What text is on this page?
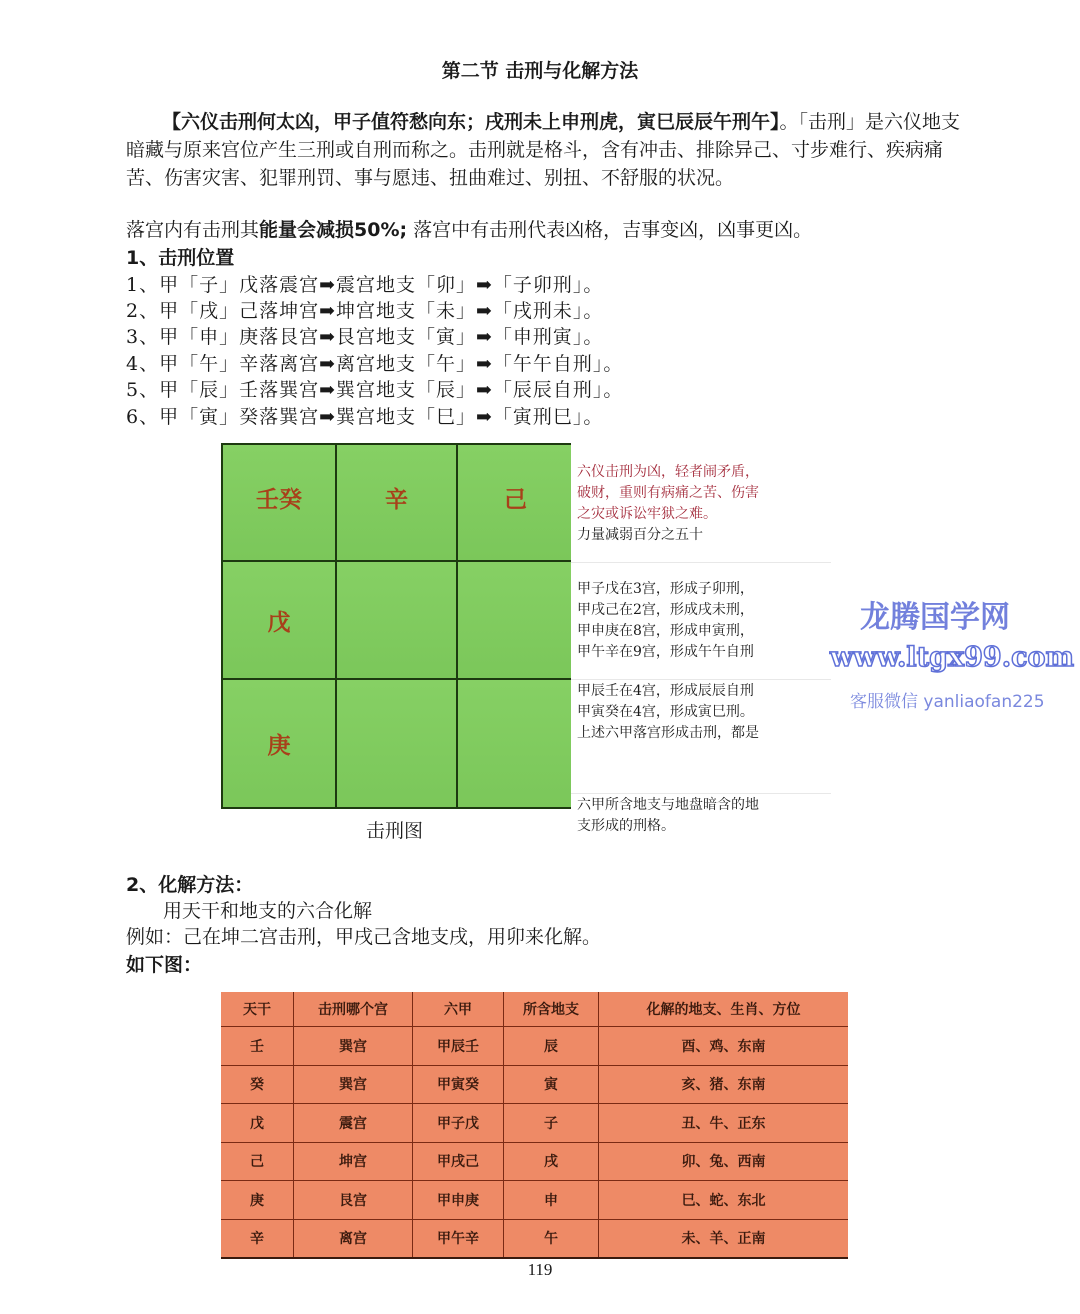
第二节 击刑与化解方法
【六仪击刑何太凶，甲子值符愁向东；戌刑未上申刑虎，寅巳辰辰午刑午】。「击刑」是六仪地支暗藏与原来宫位产生三刑或自刑而称之。击刑就是格斗，含有冲击、排除异己、寸步难行、疾病痛苦、伤害灾害、犯罪刑罚、事与愿违、扭曲难过、别扭、不舒服的状况。
落宫内有击刑其能量会减损50%; 落宫中有击刑代表凶格，吉事变凶，凶事更凶。
1、击刑位置
1、甲「子」戊落震宫➡震宫地支「卯」➡「子卯刑」。
2、甲「戌」己落坤宫➡坤宫地支「未」➡「戌刑未」。
3、甲「申」庚落艮宫➡艮宫地支「寅」➡「申刑寅」。
4、甲「午」辛落离宫➡离宫地支「午」➡「午午自刑」。
5、甲「辰」壬落巽宫➡巽宫地支「辰」➡「辰辰自刑」。
6、甲「寅」癸落巽宫➡巽宫地支「巳」➡「寅刑巳」。
壬癸	辛	己
戊
庚
击刑图
六仪击刑为凶，轻者闹矛盾，
破财，重则有病痛之苦、伤害
之灾或诉讼牢狱之难。
力量减弱百分之五十
甲子戊在3宫，形成子卯刑，
甲戌己在2宫，形成戌未刑，
甲申庚在8宫，形成申寅刑，
甲午辛在9宫，形成午午自刑
甲辰壬在4宫，形成辰辰自刑
甲寅癸在4宫，形成寅巳刑。
上述六甲落宫形成击刑，都是
六甲所含地支与地盘暗含的地
支形成的刑格。
龙腾国学网
www.ltgx99.com
客服微信 yanliaofan225
2、化解方法：
用天干和地支的六合化解
例如：己在坤二宫击刑，甲戌己含地支戌，用卯来化解。
如下图：
天干	击刑哪个宫	六甲	所含地支	化解的地支、生肖、方位
壬	巽宫	甲辰壬	辰	酉、鸡、东南
癸	巽宫	甲寅癸	寅	亥、猪、东南
戊	震宫	甲子戊	子	丑、牛、正东
己	坤宫	甲戌己	戌	卯、兔、西南
庚	艮宫	甲申庚	申	巳、蛇、东北
辛	离宫	甲午辛	午	未、羊、正南
119
